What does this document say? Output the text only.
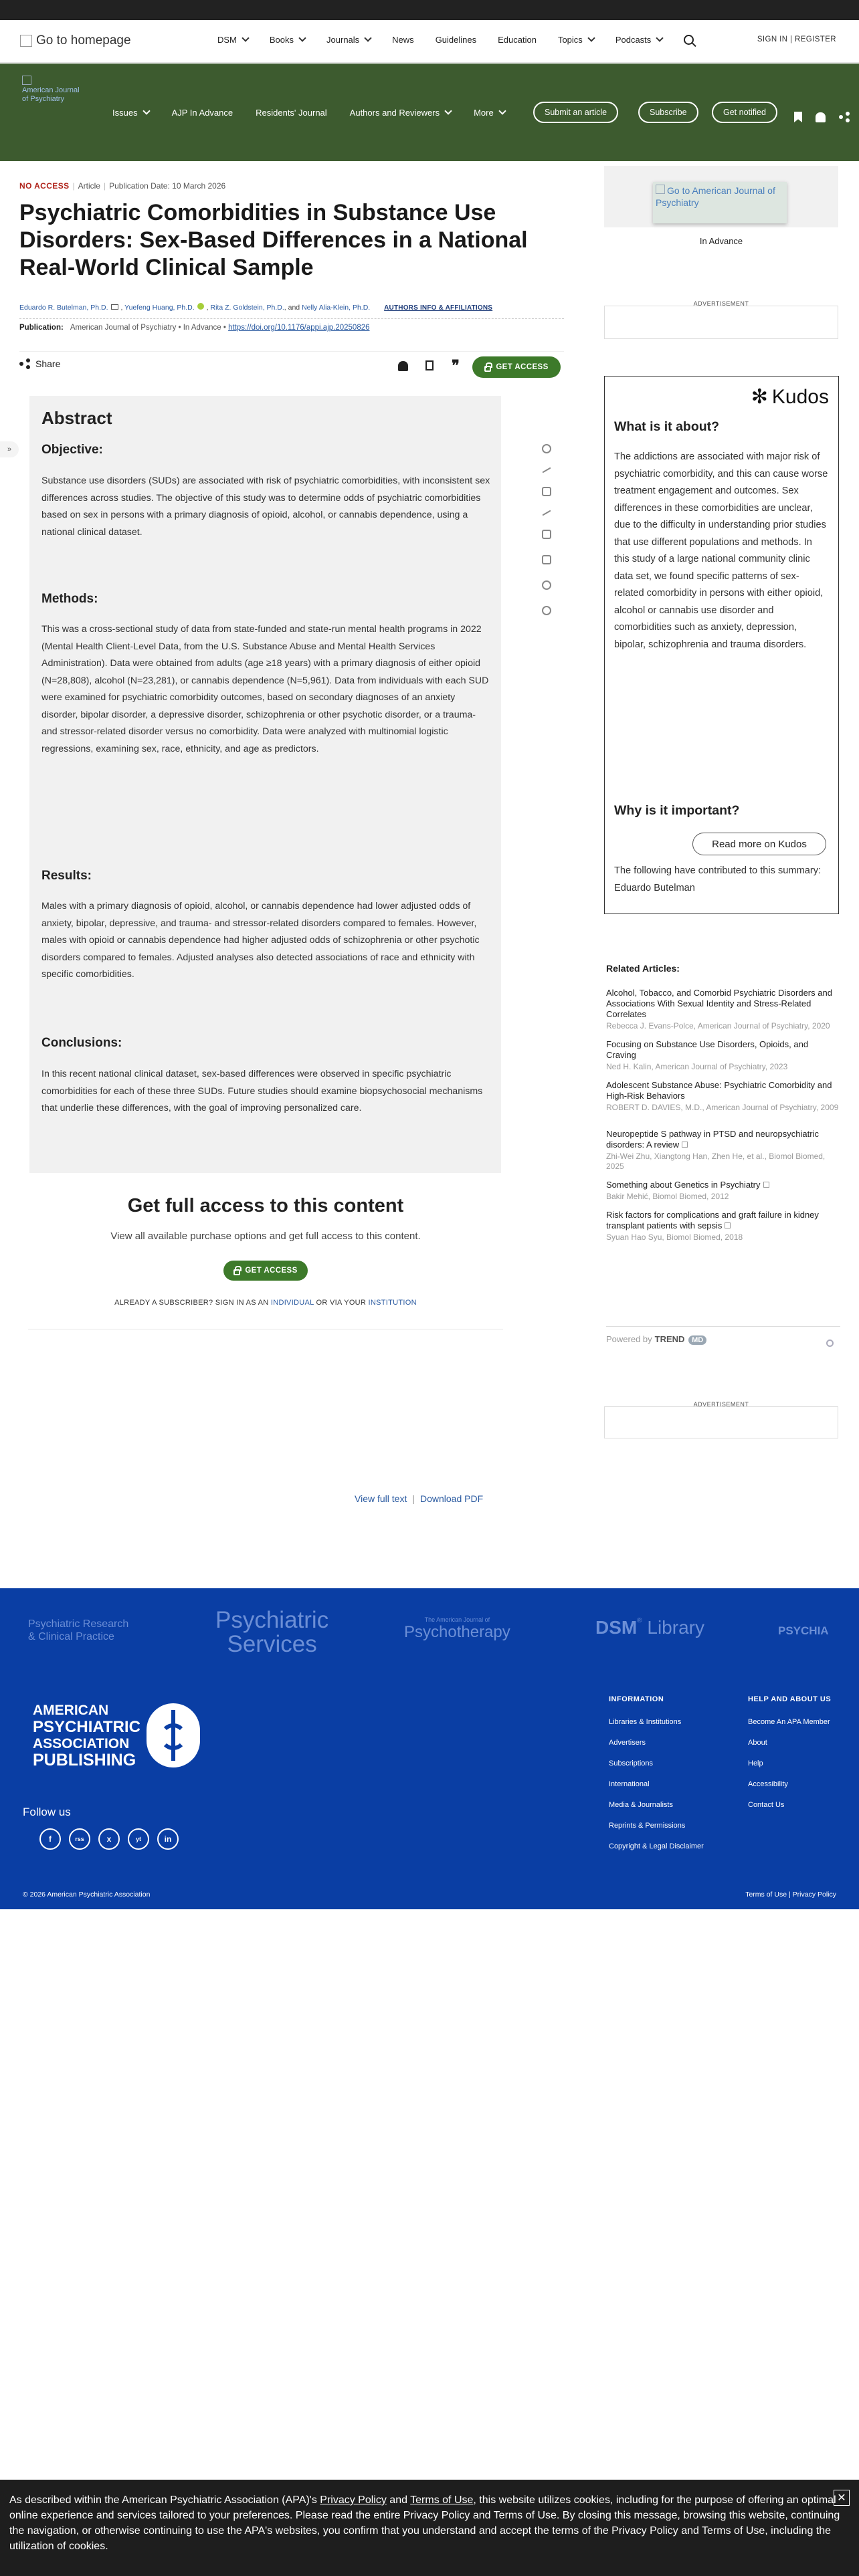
Go to homepage	DSM	Books	Journals	News Guidelines Education Topics	Podcasts	SIGN IN | REGISTER
American Journal of Psychiatry
Issues	AJP In Advance	Residents' Journal	Authors and Reviewers	More	Submit an article	Subscribe	Get notified
NO ACCESS | Article | Publication Date: 10 March 2026
Psychiatric Comorbidities in Substance Use Disorders: Sex-Based Differences in a National Real-World Clinical Sample
Eduardo R. Butelman, Ph.D. , Yuefeng Huang, Ph.D. , Rita Z. Goldstein, Ph.D., and Nelly Alia-Klein, Ph.D. AUTHORS INFO & AFFILIATIONS
Publication: American Journal of Psychiatry • In Advance • https://doi.org/10.1176/appi.ajp.20250826
Share	❞	GET ACCESS
»
Abstract
Objective:

Substance use disorders (SUDs) are associated with risk of psychiatric comorbidities, with inconsistent sex differences across studies. The objective of this study was to determine odds of psychiatric comorbidities based on sex in persons with a primary diagnosis of opioid, alcohol, or cannabis dependence, using a national clinical dataset.

Methods:

This was a cross-sectional study of data from state-funded and state-run mental health programs in 2022 (Mental Health Client-Level Data, from the U.S. Substance Abuse and Mental Health Services Administration). Data were obtained from adults (age ≥18 years) with a primary diagnosis of either opioid (N=28,808), alcohol (N=23,281), or cannabis dependence (N=5,961). Data from individuals with each SUD were examined for psychiatric comorbidity outcomes, based on secondary diagnoses of an anxiety disorder, bipolar disorder, a depressive disorder, schizophrenia or other psychotic disorder, or a trauma- and stressor-related disorder versus no comorbidity. Data were analyzed with multinomial logistic regressions, examining sex, race, ethnicity, and age as predictors.

Results:

Males with a primary diagnosis of opioid, alcohol, or cannabis dependence had lower adjusted odds of anxiety, bipolar, depressive, and trauma- and stressor-related disorders compared to females. However, males with opioid or cannabis dependence had higher adjusted odds of schizophrenia or other psychotic disorders compared to females. Adjusted analyses also detected associations of race and ethnicity with specific comorbidities.

Conclusions:

In this recent national clinical dataset, sex-based differences were observed in specific psychiatric comorbidities for each of these three SUDs. Future studies should examine biopsychosocial mechanisms that underlie these differences, with the goal of improving personalized care.

Get full access to this content
View all available purchase options and get full access to this content.
GET ACCESS
ALREADY A SUBSCRIBER? SIGN IN AS AN INDIVIDUAL OR VIA YOUR INSTITUTION
View full text | Download PDF
Go to American Journal of Psychiatry
In Advance
ADVERTISEMENT
✻ Kudos
What is it about?

The addictions are associated with major risk of psychiatric comorbidity, and this can cause worse treatment engagement and outcomes. Sex differences in these comorbidities are unclear, due to the difficulty in understanding prior studies that use different populations and methods. In this study of a large national community clinic data set, we found specific patterns of sex-related comorbidity in persons with either opioid, alcohol or cannabis use disorder and comorbidities such as anxiety, depression, bipolar, schizophrenia and trauma disorders.

Why is it important?
Read more on Kudos

The following have contributed to this summary: Eduardo Butelman

Related Articles:
Alcohol, Tobacco, and Comorbid Psychiatric Disorders and Associations With Sexual Identity and Stress-Related Correlates
Rebecca J. Evans-Polce, American Journal of Psychiatry, 2020
Focusing on Substance Use Disorders, Opioids, and Craving
Ned H. Kalin, American Journal of Psychiatry, 2023
Adolescent Substance Abuse: Psychiatric Comorbidity and High-Risk Behaviors
ROBERT D. DAVIES, M.D., American Journal of Psychiatry, 2009
Neuropeptide S pathway in PTSD and neuropsychiatric disorders: A review
Zhi-Wei Zhu, Xiangtong Han, Zhen He, et al., Biomol Biomed, 2025
Something about Genetics in Psychiatry
Bakir Mehić, Biomol Biomed, 2012
Risk factors for complications and graft failure in kidney transplant patients with sepsis
Syuan Hao Syu, Biomol Biomed, 2018
Powered by TREND MD
ADVERTISEMENT
Psychiatric Research
& Clinical Practice
Psychiatric
Services
The American Journal of
Psychotherapy	DSM® Library	PSYCHIA
AMERICAN
PSYCHIATRIC
ASSOCIATION
PUBLISHING
Follow us
f	rss	x	yt	in
INFORMATION
Libraries & Institutions
Advertisers
Subscriptions
International
Media & Journalists
Reprints & Permissions
Copyright & Legal Disclaimer
HELP AND ABOUT US
Become An APA Member
About
Help
Accessibility
Contact Us
© 2026 American Psychiatric Association	Terms of Use | Privacy Policy
As described within the American Psychiatric Association (APA)'s Privacy Policy and Terms of Use, this website utilizes cookies, including for the purpose of offering an optimal online experience and services tailored to your preferences. Please read the entire Privacy Policy and Terms of Use. By closing this message, browsing this website, continuing the navigation, or otherwise continuing to use the APA's websites, you confirm that you understand and accept the terms of the Privacy Policy and Terms of Use, including the utilization of cookies.
✕
